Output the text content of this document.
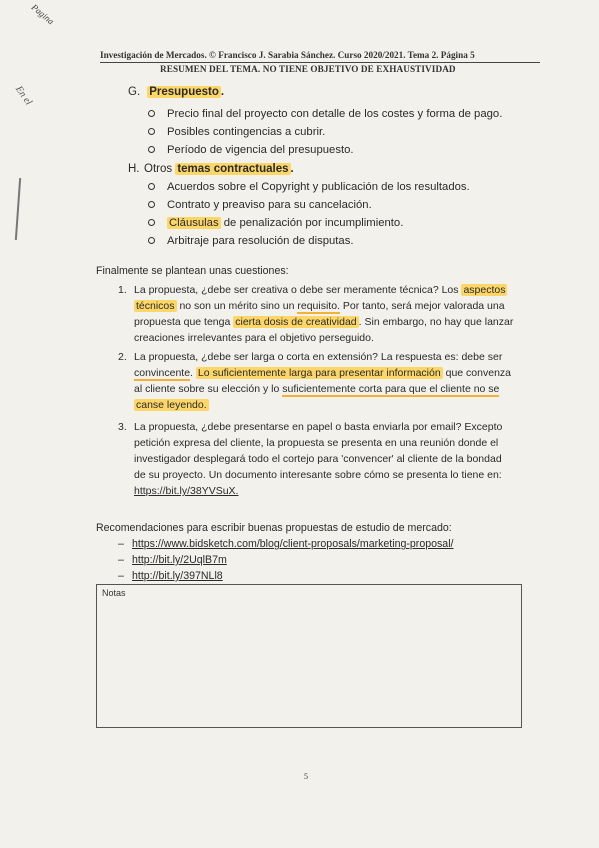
Pagina
En el
Investigación de Mercados. © Francisco J. Sarabia Sánchez. Curso 2020/2021. Tema 2. Página 5
RESUMEN DEL TEMA. NO TIENE OBJETIVO DE EXHAUSTIVIDAD
G. Presupuesto .
Precio final del proyecto con detalle de los costes y forma de pago.
Posibles contingencias a cubrir.
Período de vigencia del presupuesto.
H. Otros temas contractuales .
Acuerdos sobre el Copyright y publicación de los resultados.
Contrato y preaviso para su cancelación.
Cláusulas de penalización por incumplimiento.
Arbitraje para resolución de disputas.
Finalmente se plantean unas cuestiones:
1. La propuesta, ¿debe ser creativa o debe ser meramente técnica? Los aspectos
técnicos no son un mérito sino un requisito. Por tanto, será mejor valorada una
propuesta que tenga cierta dosis de creatividad . Sin embargo, no hay que lanzar
creaciones irrelevantes para el objetivo perseguido.
2. La propuesta, ¿debe ser larga o corta en extensión? La respuesta es: debe ser
convincente. Lo suficientemente larga para presentar información que convenza
al cliente sobre su elección y lo suficientemente corta para que el cliente no se
canse leyendo.
3. La propuesta, ¿debe presentarse en papel o basta enviarla por email? Excepto
petición expresa del cliente, la propuesta se presenta en una reunión donde el
investigador desplegará todo el cortejo para 'convencer' al cliente de la bondad
de su proyecto. Un documento interesante sobre cómo se presenta lo tiene en:
https://bit.ly/38YVSuX.
Recomendaciones para escribir buenas propuestas de estudio de mercado:
– https://www.bidsketch.com/blog/client-proposals/marketing-proposal/
– http://bit.ly/2UqlB7m
– http://bit.ly/397NLl8
Notas
5
